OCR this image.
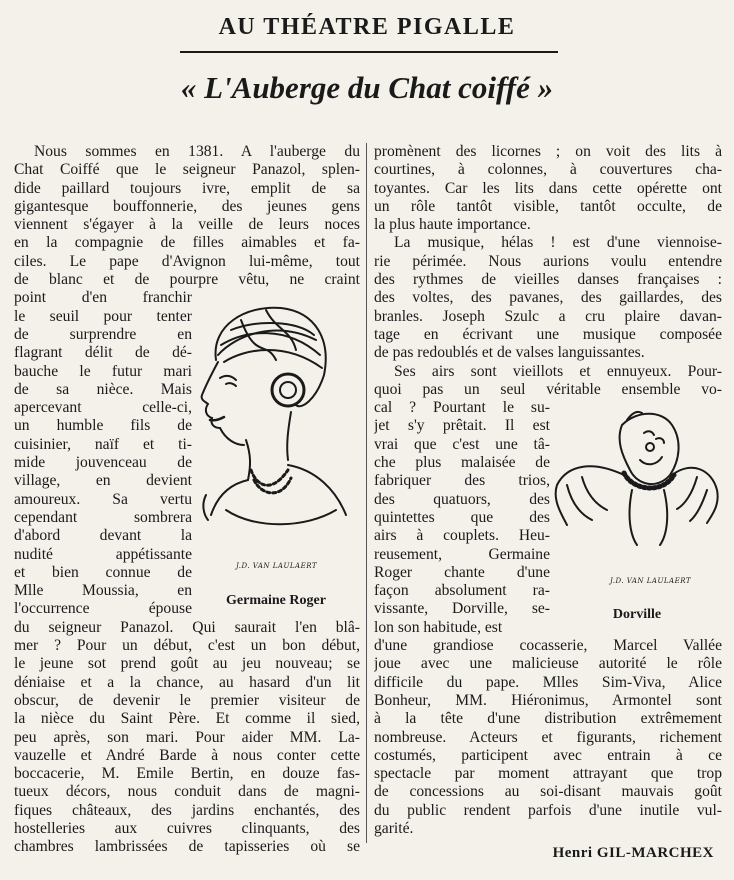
AU THÉATRE PIGALLE
« L'Auberge du Chat coiffé »
Nous sommes en 1381. A l'auberge du
Chat Coiffé que le seigneur Panazol, splen-
dide paillard toujours ivre, emplit de sa
gigantesque bouffonnerie, des jeunes gens
viennent s'égayer à la veille de leurs noces
en la compagnie de filles aimables et fa-
ciles. Le pape d'Avignon lui-même, tout
de blanc et de pourpre vêtu, ne craint
point d'en franchir
le seuil pour tenter
de surprendre en
flagrant délit de dé-
bauche le futur mari
de sa nièce. Mais
apercevant celle-ci,
un humble fils de
cuisinier, naïf et ti-
mide jouvenceau de
village, en devient
amoureux. Sa vertu
cependant sombrera
d'abord devant la
nudité appétissante
et bien connue de
Mlle Moussia, en
l'occurrence épouse
du seigneur Panazol. Qui saurait l'en blâ-
mer ? Pour un début, c'est un bon début,
le jeune sot prend goût au jeu nouveau; se
déniaise et a la chance, au hasard d'un lit
obscur, de devenir le premier visiteur de
la nièce du Saint Père. Et comme il sied,
peu après, son mari. Pour aider MM. La-
vauzelle et André Barde à nous conter cette
boccacerie, M. Emile Bertin, en douze fas-
tueux décors, nous conduit dans de magni-
fiques châteaux, des jardins enchantés, des
hostelleries aux cuivres clinquants, des
chambres lambrissées de tapisseries où se
promènent des licornes ; on voit des lits à
courtines, à colonnes, à couvertures cha-
toyantes. Car les lits dans cette opérette ont
un rôle tantôt visible, tantôt occulte, de
la plus haute importance.
La musique, hélas ! est d'une viennoise-
rie périmée. Nous aurions voulu entendre
des rythmes de vieilles danses françaises :
des voltes, des pavanes, des gaillardes, des
branles. Joseph Szulc a cru plaire davan-
tage en écrivant une musique composée
de pas redoublés et de valses languissantes.
Ses airs sont vieillots et ennuyeux. Pour-
quoi pas un seul véritable ensemble vo-
cal ? Pourtant le su-
jet s'y prêtait. Il est
vrai que c'est une tâ-
che plus malaisée de
fabriquer des trios,
des quatuors, des
quintettes que des
airs à couplets. Heu-
reusement, Germaine
Roger chante d'une
façon absolument ra-
vissante, Dorville, se-
lon son habitude, est
d'une grandiose cocasserie, Marcel Vallée
joue avec une malicieuse autorité le rôle
difficile du pape. Mlles Sim-Viva, Alice
Bonheur, MM. Hiéronimus, Armontel sont
à la tête d'une distribution extrêmement
nombreuse. Acteurs et figurants, richement
costumés, participent avec entrain à ce
spectacle par moment attrayant que trop
de concessions au soi-disant mauvais goût
du public rendent parfois d'une inutile vul-
garité.
J.D. VAN LAULAERT
Germaine Roger
J.D. VAN LAULAERT
Dorville
Henri GIL-MARCHEX
